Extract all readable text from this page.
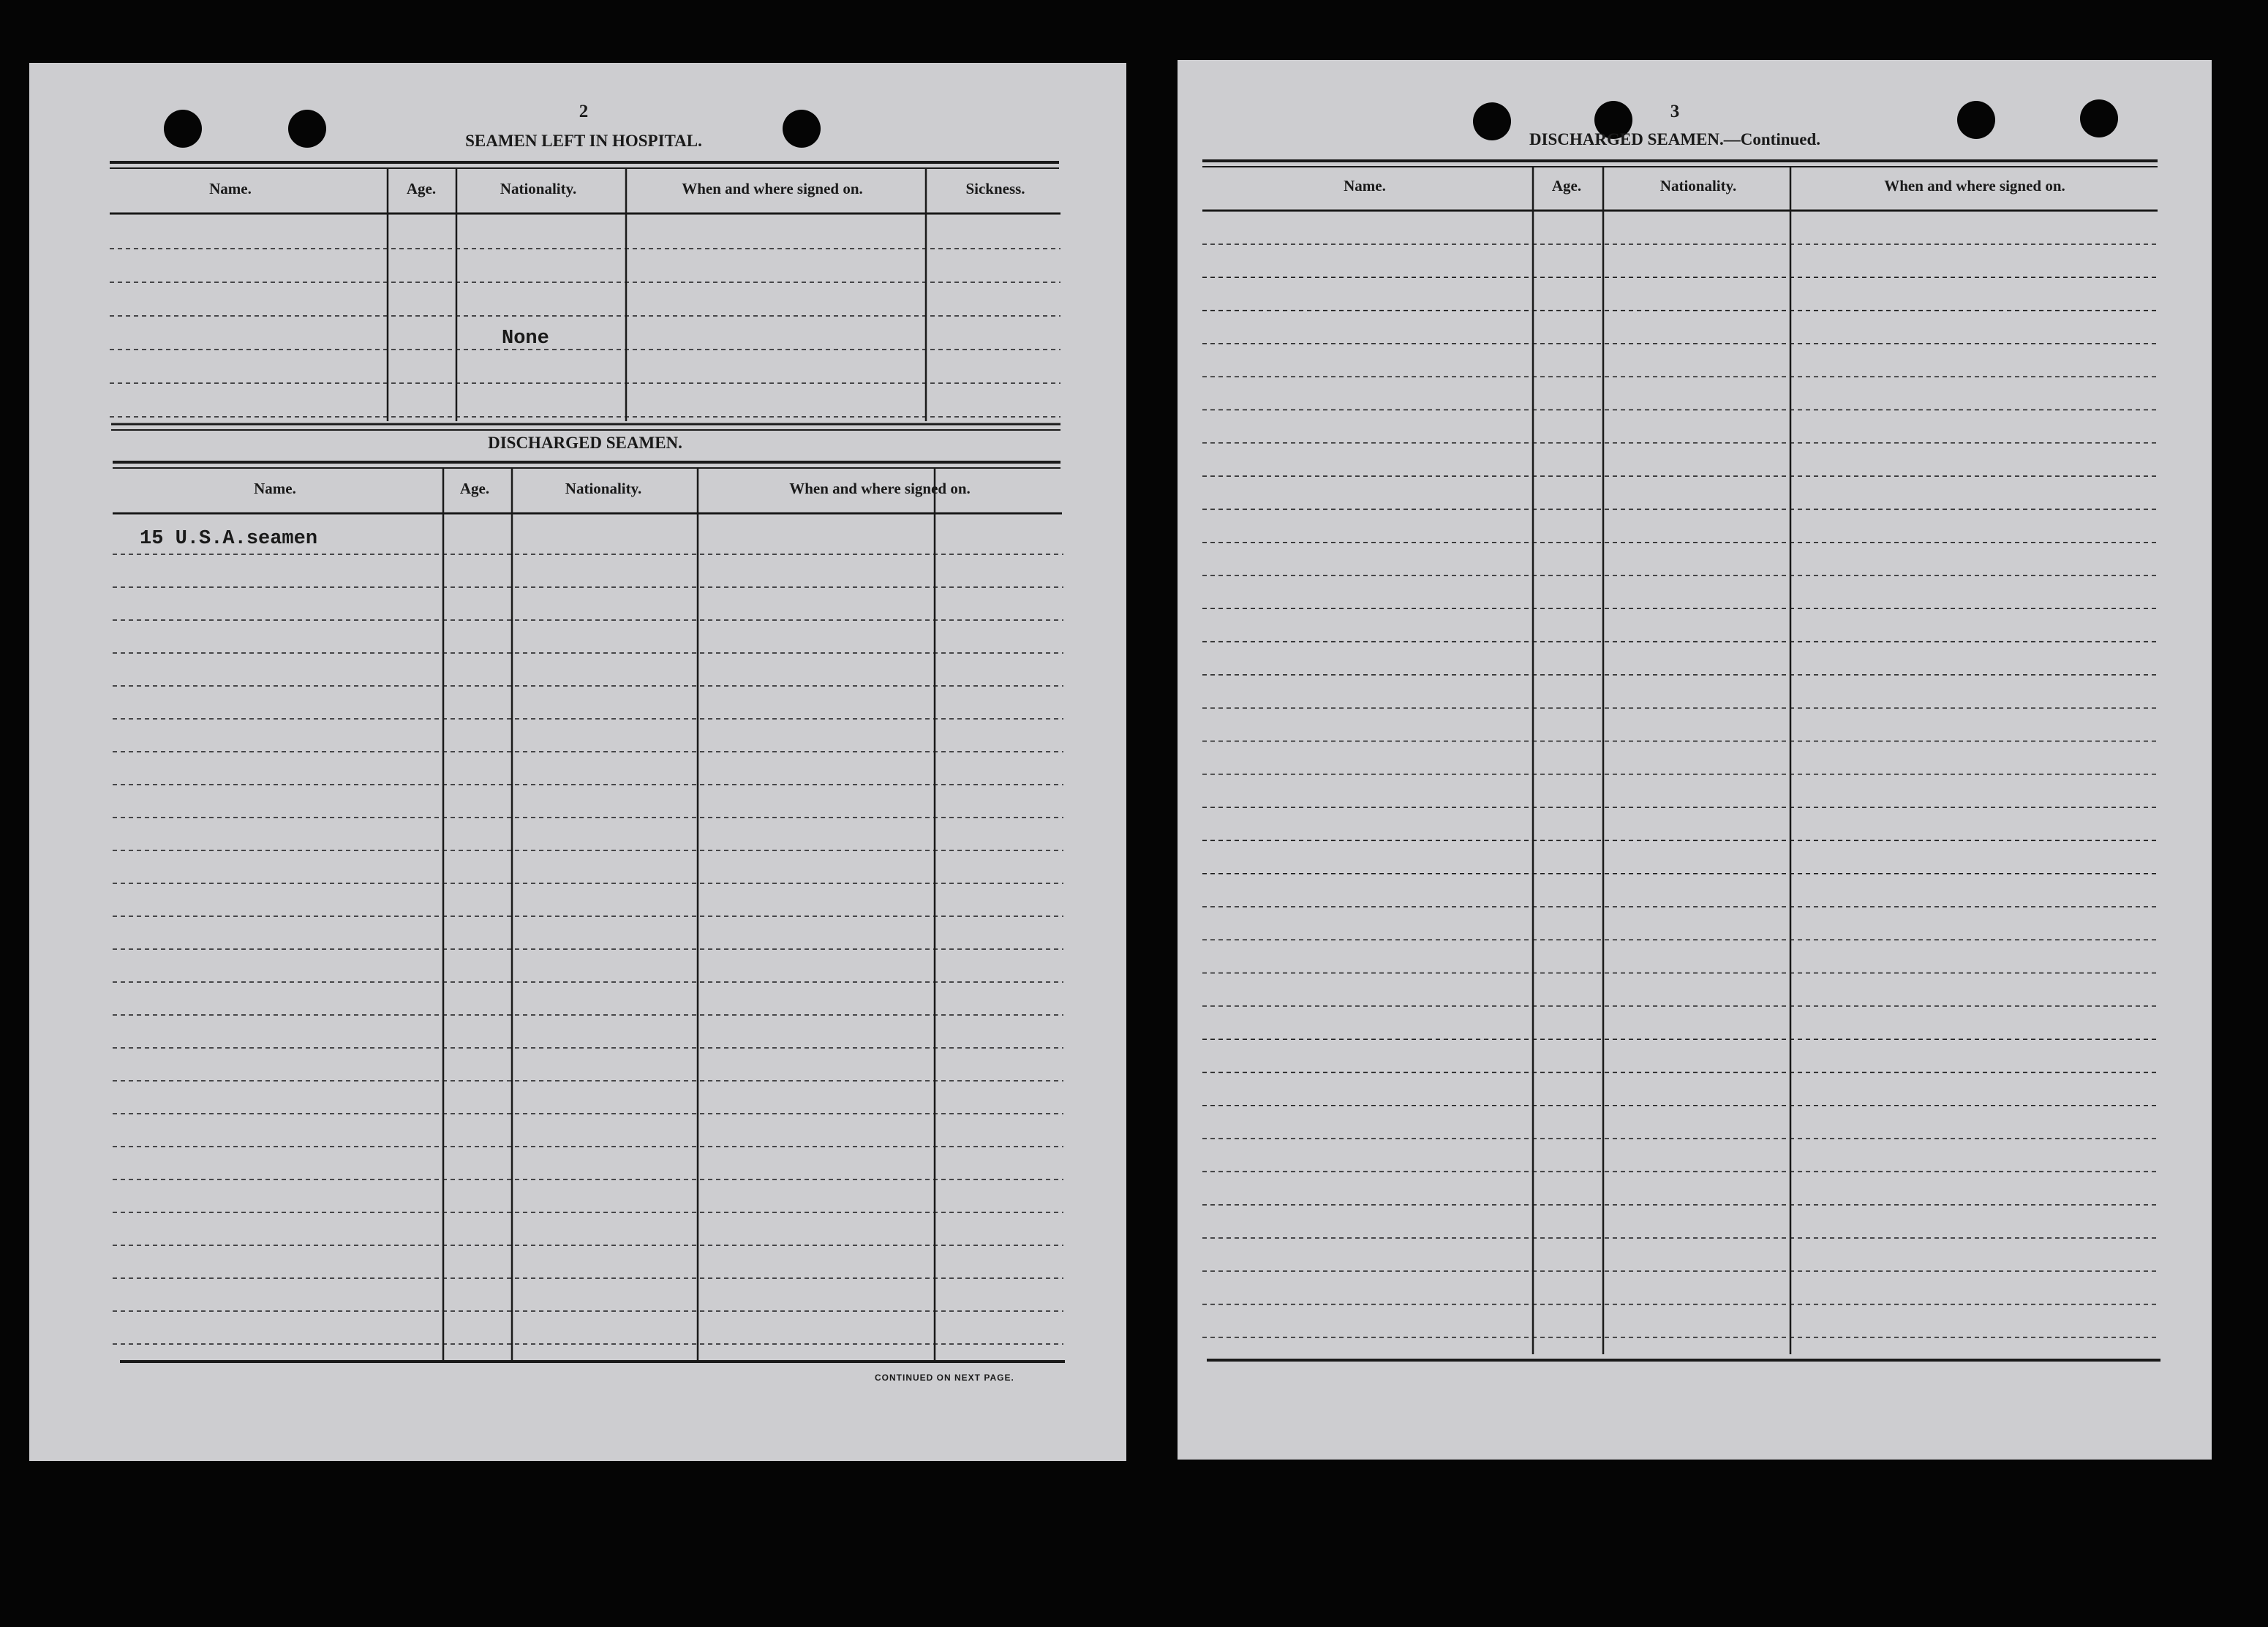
2
SEAMEN LEFT IN HOSPITAL.
Name.	Age.	Nationality.	When and where signed on.	Sickness.
None
DISCHARGED SEAMEN.
Name.	Age.	Nationality.	When and where signed on.
15 U.S.A.seamen
CONTINUED ON NEXT PAGE.
3
DISCHARGED SEAMEN.—Continued.
Name.	Age.	Nationality.	When and where signed on.
